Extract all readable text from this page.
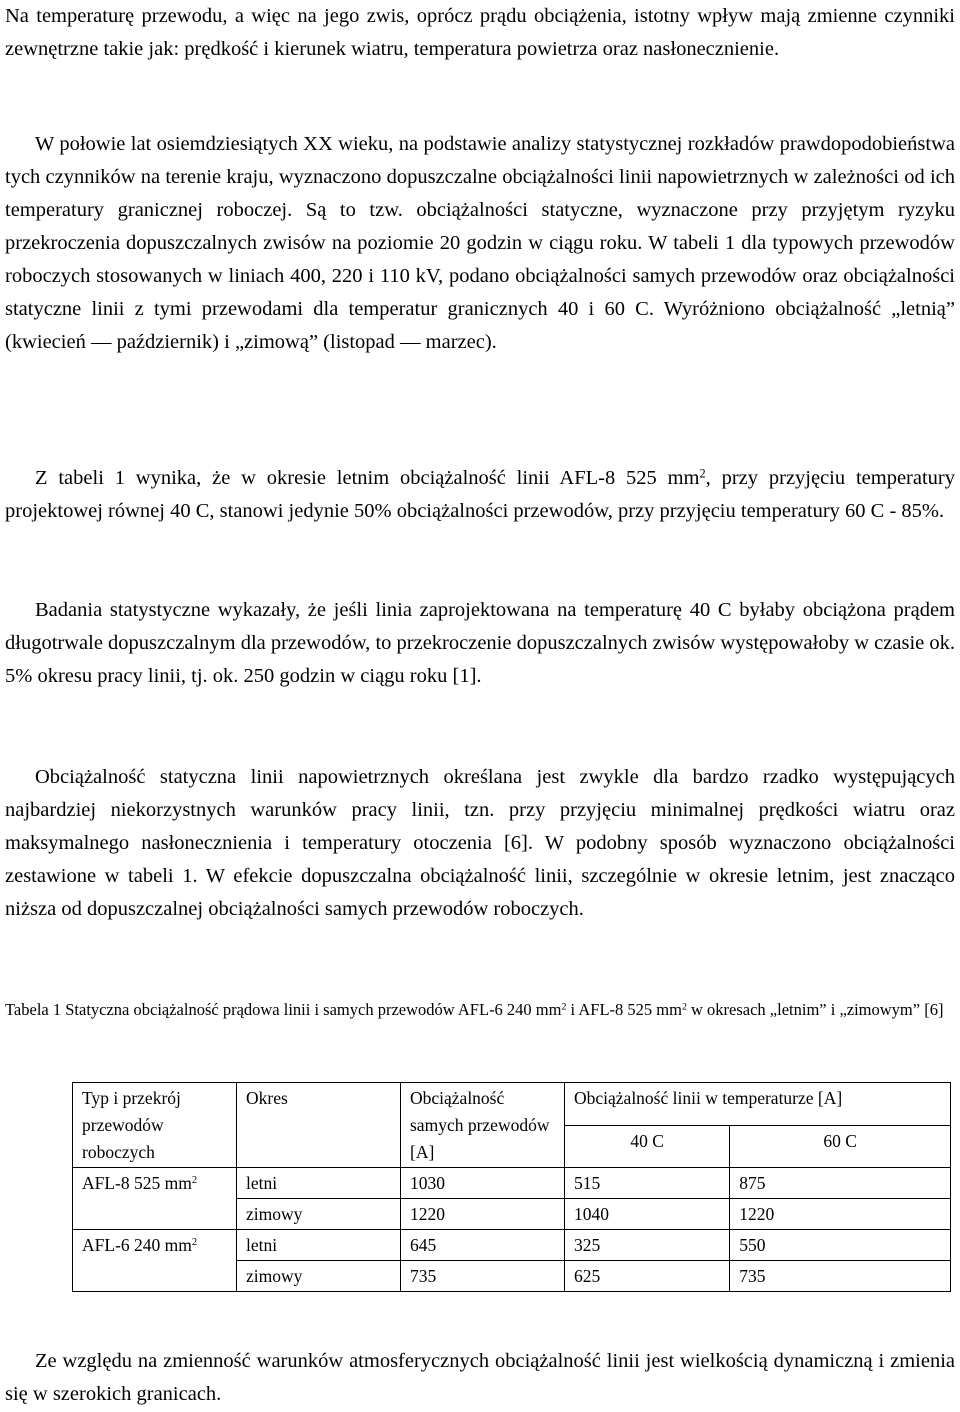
Na temperaturę przewodu, a więc na jego zwis, oprócz prądu obciążenia, istotny wpływ mają zmienne czynniki zewnętrzne takie jak: prędkość i kierunek wiatru, temperatura powietrza oraz nasłonecznienie.

W połowie lat osiemdziesiątych XX wieku, na podstawie analizy statystycznej rozkładów prawdopodobieństwa tych czynników na terenie kraju, wyznaczono dopuszczalne obciążalności linii napowietrznych w zależności od ich temperatury granicznej roboczej. Są to tzw. obciążalności statyczne, wyznaczone przy przyjętym ryzyku przekroczenia dopuszczalnych zwisów na poziomie 20 godzin w ciągu roku. W tabeli 1 dla typowych przewodów roboczych stosowanych w liniach 400, 220 i 110 kV, podano obciążalności samych przewodów oraz obciążalności statyczne linii z tymi przewodami dla temperatur granicznych 40 i 60 C. Wyróżniono obciążalność „letnią” (kwiecień — październik) i „zimową” (listopad — marzec).

Z tabeli 1 wynika, że w okresie letnim obciążalność linii AFL-8 525 $mm^2$, przy przyjęciu temperatury projektowej równej 40 C, stanowi jedynie 50% obciążalności przewodów, przy przyjęciu temperatury 60 C - 85%.

Badania statystyczne wykazały, że jeśli linia zaprojektowana na temperaturę 40 C byłaby obciążona prądem długotrwale dopuszczalnym dla przewodów, to przekroczenie dopuszczalnych zwisów występowałoby w czasie ok. 5% okresu pracy linii, tj. ok. 250 godzin w ciągu roku [1].

Obciążalność statyczna linii napowietrznych określana jest zwykle dla bardzo rzadko występujących najbardziej niekorzystnych warunków pracy linii, tzn. przy przyjęciu minimalnej prędkości wiatru oraz maksymalnego nasłonecznienia i temperatury otoczenia [6]. W podobny sposób wyznaczono obciążalności zestawione w tabeli 1. W efekcie dopuszczalna obciążalność linii, szczególnie w okresie letnim, jest znacząco niższa od dopuszczalnej obciążalności samych przewodów roboczych.

Tabela 1 Statyczna obciążalność prądowa linii i samych przewodów AFL-6 240 $mm^2$ i AFL-8 525 $mm^2$ w okresach „letnim” i „zimowym” [6]

Typ i przekrój przewodów roboczych	Okres	Obciążalność samych przewodów [A]	Obciążalność linii w temperaturze [A]	
			40 C	60 C
AFL-8 525 $mm^2$	letni	1030	515	875
	zimowy	1220	1040	1220
AFL-6 240 $mm^2$	letni	645	325	550
	zimowy	735	625	735

Ze względu na zmienność warunków atmosferycznych obciążalność linii jest wielkością dynamiczną i zmienia się w szerokich granicach.
